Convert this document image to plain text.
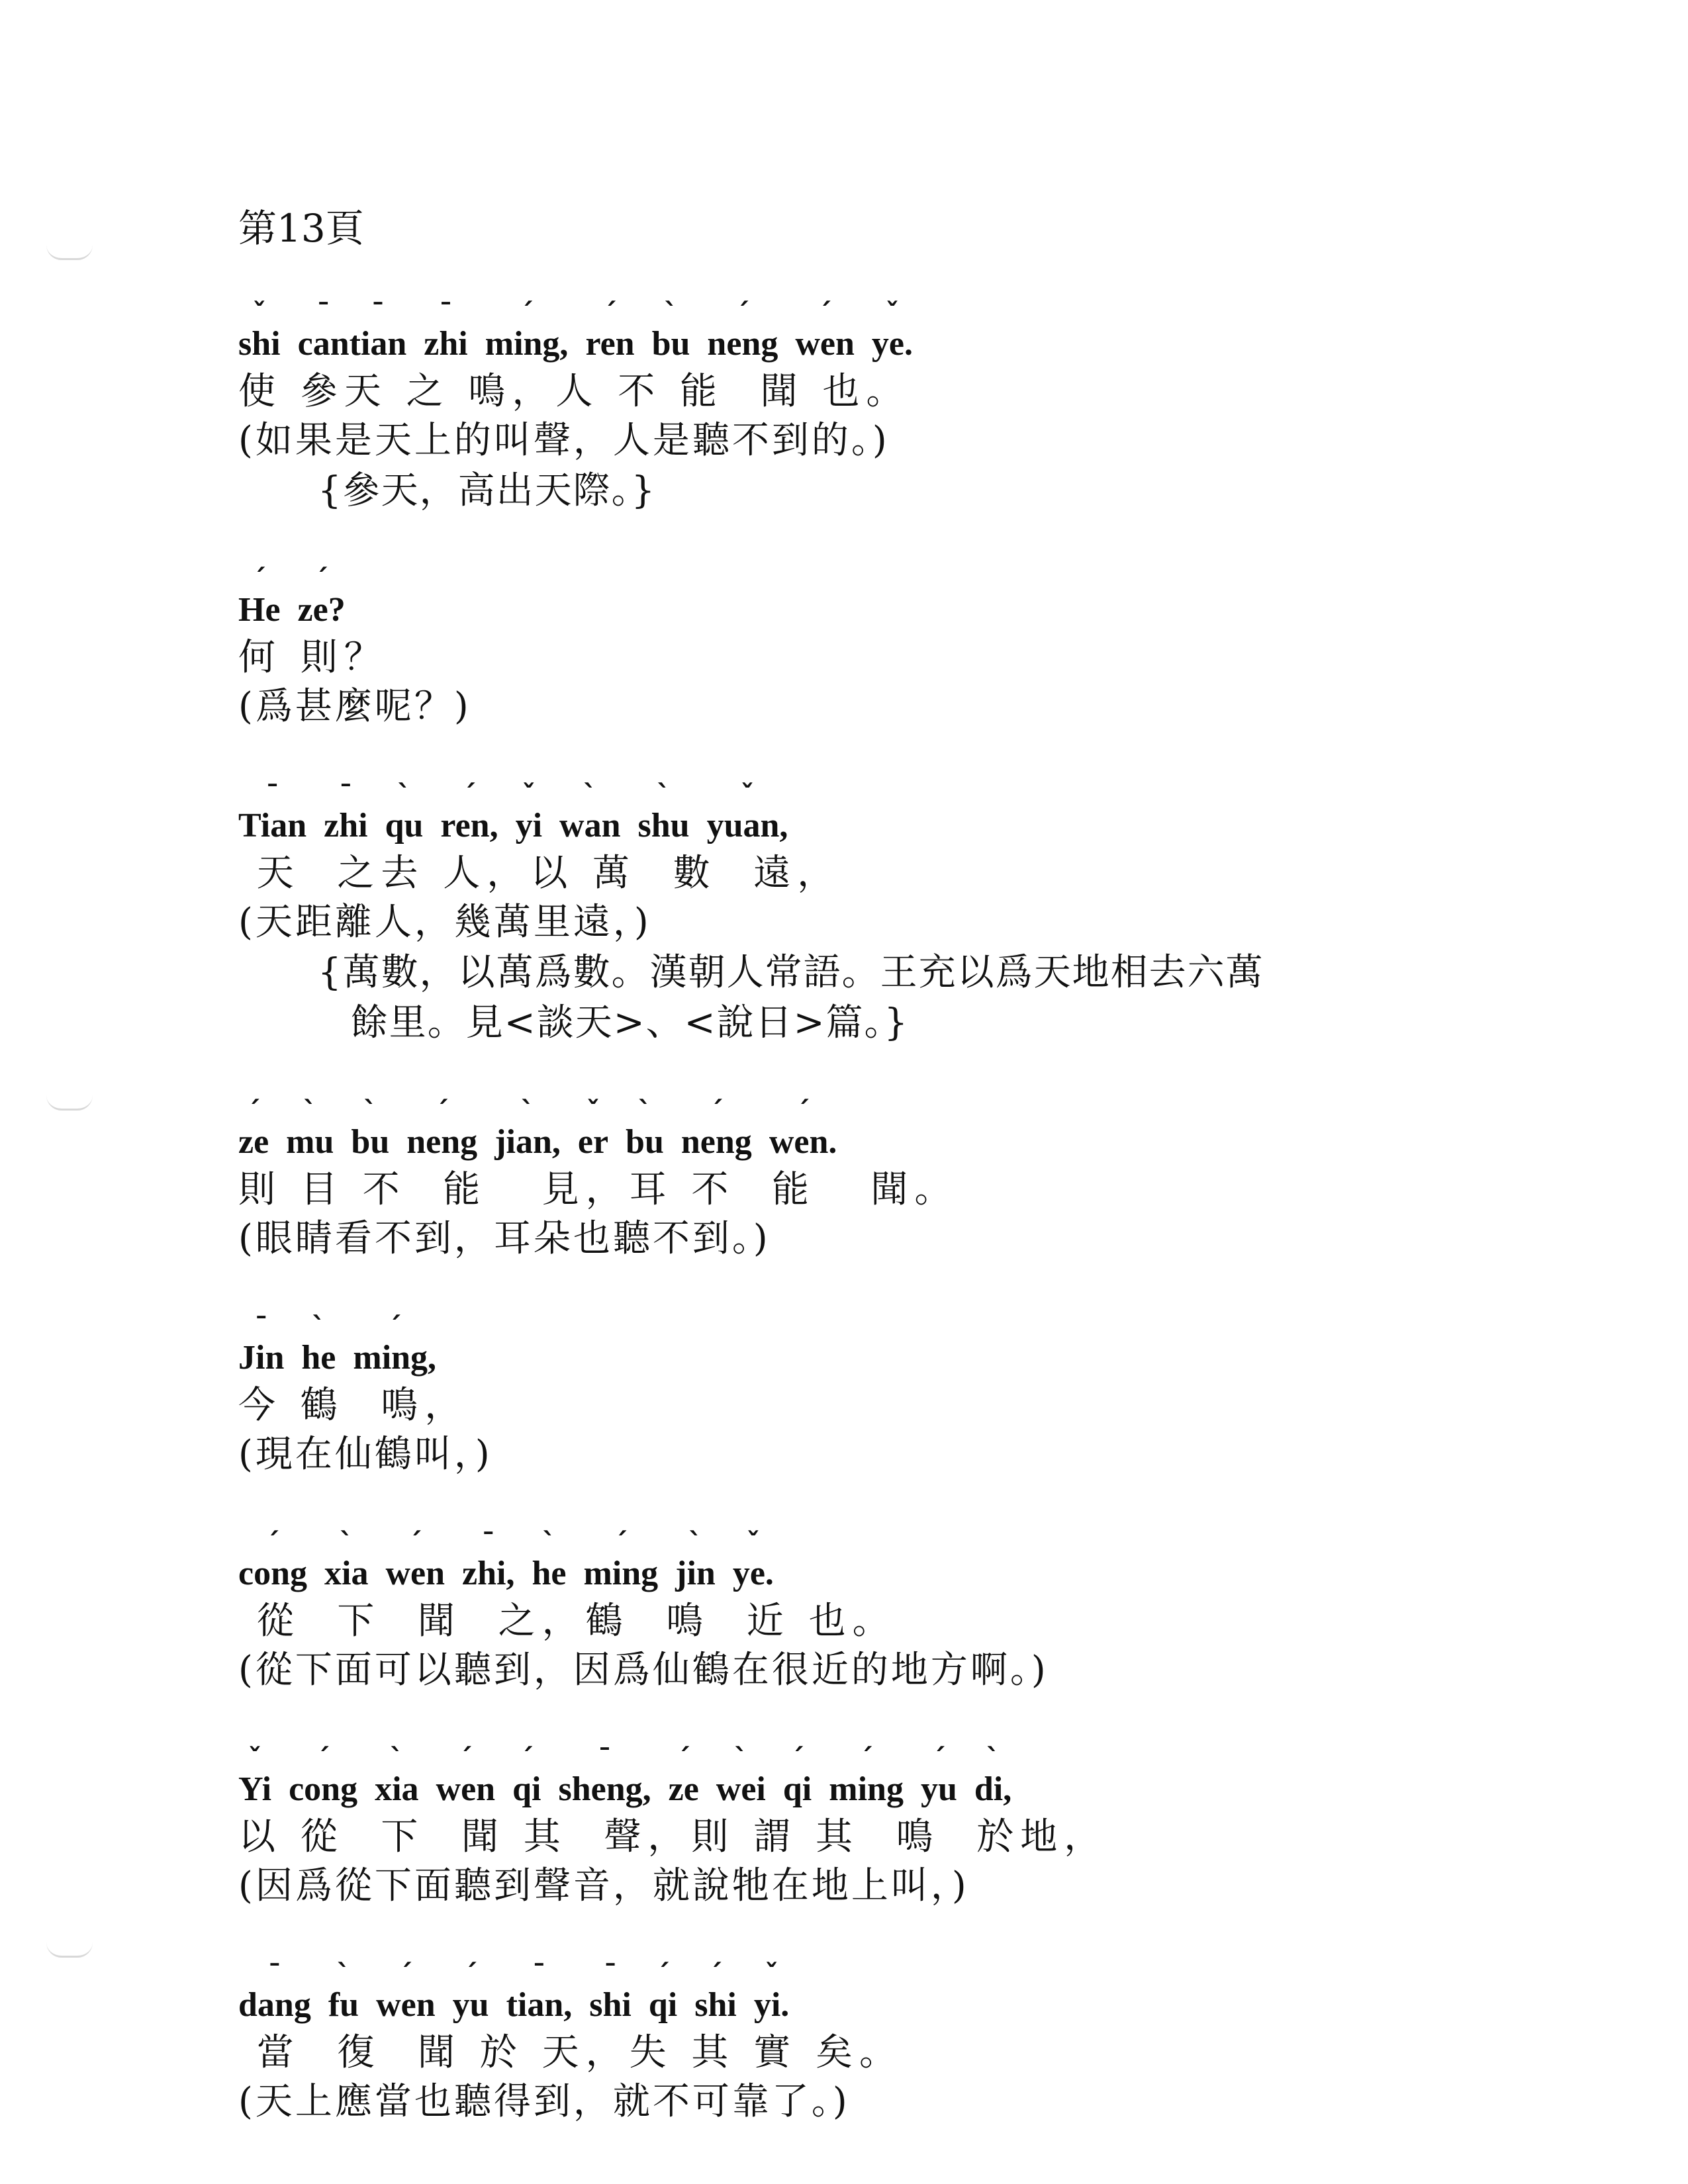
第13頁
ˇ
shi
¯
can
¯
tian
¯
zhi
ˊ
ming,
ˊ
ren
ˋ
bu
ˊ
neng
ˊ
wen
ˇ
ye.
使 參天 之 鳴，人 不 能  聞 也。
(如果是天上的叫聲，人是聽不到的。)
{參天，高出天際。}
ˊ
He
ˊ
ze?
何 則？
(爲甚麼呢？)
¯
Tian
¯
zhi
ˋ
qu
ˊ
ren,
ˇ
yi
ˋ
wan
ˋ
shu
ˇ
yuan,
天  之去 人，以 萬  數  遠，
(天距離人，幾萬里遠，)
{萬數，以萬爲數。漢朝人常語。王充以爲天地相去六萬
餘里。見<談天>、<說日>篇。}
ˊ
ze
ˋ
mu
ˋ
bu
ˊ
neng
ˋ
jian,
ˇ
er
ˋ
bu
ˊ
neng
ˊ
wen.
則 目 不  能   見，耳 不  能   聞。
(眼睛看不到，耳朵也聽不到。)
¯
Jin
ˋ
he
ˊ
ming,
今 鶴  鳴，
(現在仙鶴叫，)
ˊ
cong
ˋ
xia
ˊ
wen
¯
zhi,
ˋ
he
ˊ
ming
ˋ
jin
ˇ
ye.
從  下  聞  之，鶴  鳴  近 也。
(從下面可以聽到，因爲仙鶴在很近的地方啊。)
ˇ
Yi
ˊ
cong
ˋ
xia
ˊ
wen
ˊ
qi
¯
sheng,
ˊ
ze
ˋ
wei
ˊ
qi
ˊ
ming
ˊ
yu
ˋ
di,
以 從  下  聞 其  聲，則 謂 其  鳴  於地，
(因爲從下面聽到聲音，就說牠在地上叫，)
¯
dang
ˋ
fu
ˊ
wen
ˊ
yu
¯
tian,
¯
shi
ˊ
qi
ˊ
shi
ˇ
yi.
當  復  聞 於 天，失 其 實 矣。
(天上應當也聽得到，就不可靠了。)
